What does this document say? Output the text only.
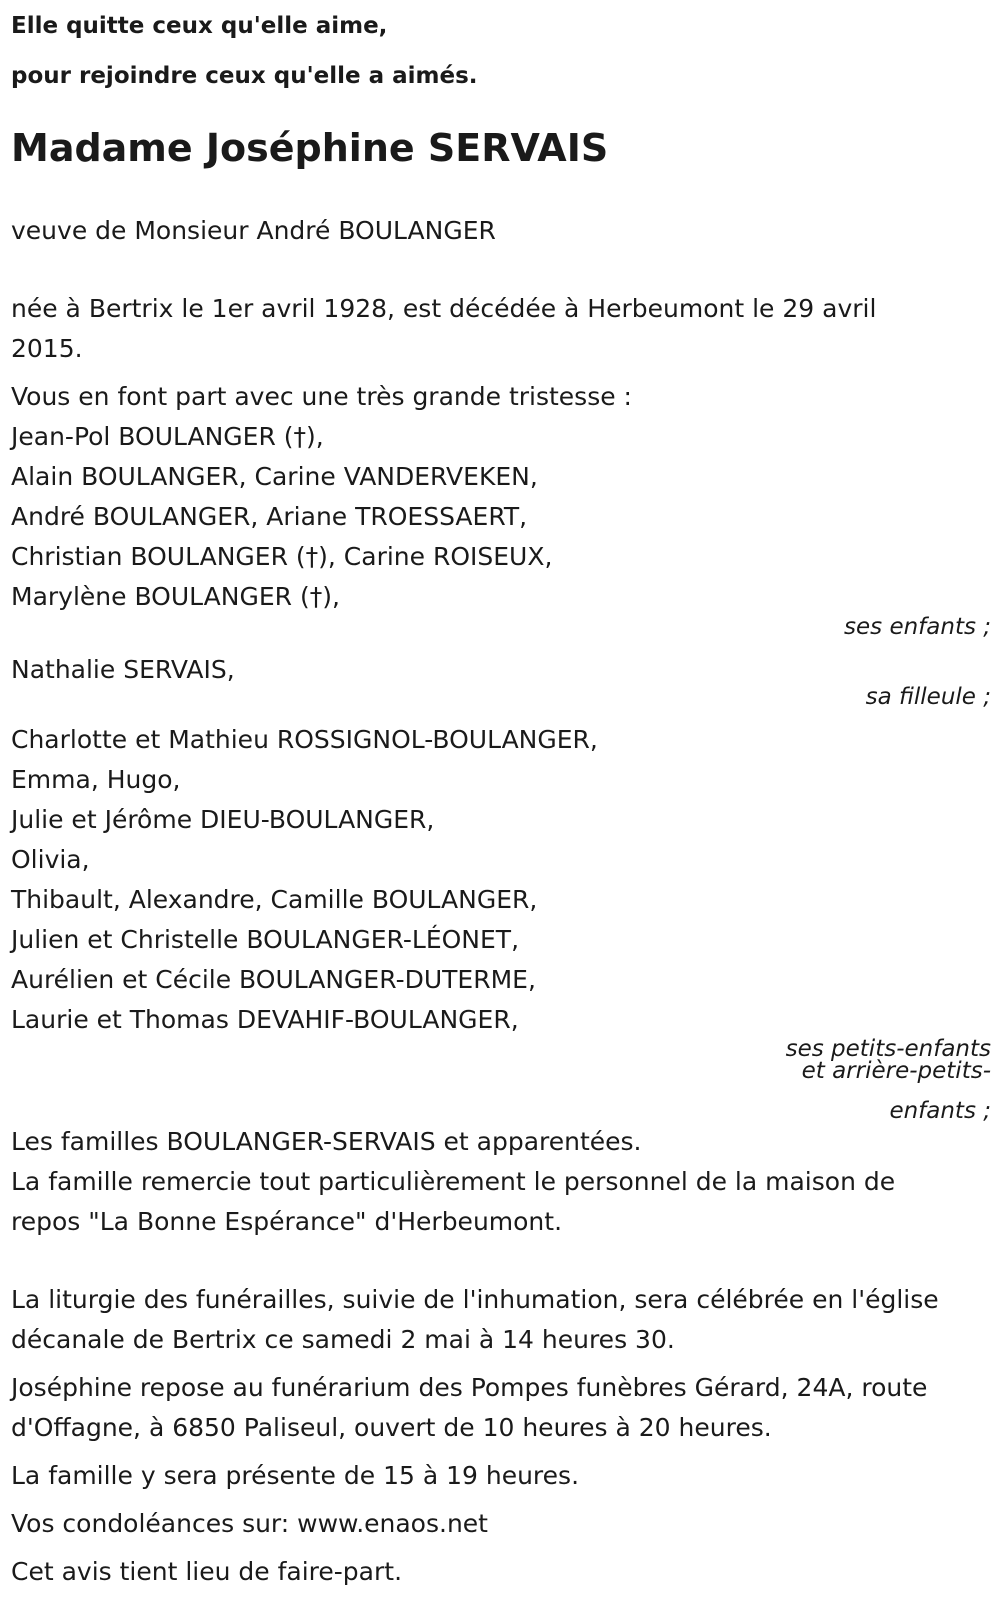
Elle quitte ceux qu'elle aime,
pour rejoindre ceux qu'elle a aimés.

Madame Joséphine SERVAIS

veuve de Monsieur André BOULANGER

née à Bertrix le 1er avril 1928, est décédée à Herbeumont le 29 avril
2015.

Vous en font part avec une très grande tristesse :
Jean-Pol BOULANGER (†),
Alain BOULANGER, Carine VANDERVEKEN,
André BOULANGER, Ariane TROESSAERT,
Christian BOULANGER (†), Carine ROISEUX,
Marylène BOULANGER (†),

ses enfants ;

Nathalie SERVAIS,

sa filleule ;

Charlotte et Mathieu ROSSIGNOL-BOULANGER,
Emma, Hugo,
Julie et Jérôme DIEU-BOULANGER,
Olivia,
Thibault, Alexandre, Camille BOULANGER,
Julien et Christelle BOULANGER-LÉONET,
Aurélien et Cécile BOULANGER-DUTERME,
Laurie et Thomas DEVAHIF-BOULANGER,

ses petits-enfants
et arrière-petits-
enfants ;

Les familles BOULANGER-SERVAIS et apparentées.
La famille remercie tout particulièrement le personnel de la maison de
repos "La Bonne Espérance" d'Herbeumont.

La liturgie des funérailles, suivie de l'inhumation, sera célébrée en l'église
décanale de Bertrix ce samedi 2 mai à 14 heures 30.

Joséphine repose au funérarium des Pompes funèbres Gérard, 24A, route
d'Offagne, à 6850 Paliseul, ouvert de 10 heures à 20 heures.

La famille y sera présente de 15 à 19 heures.

Vos condoléances sur: www.enaos.net

Cet avis tient lieu de faire-part.
